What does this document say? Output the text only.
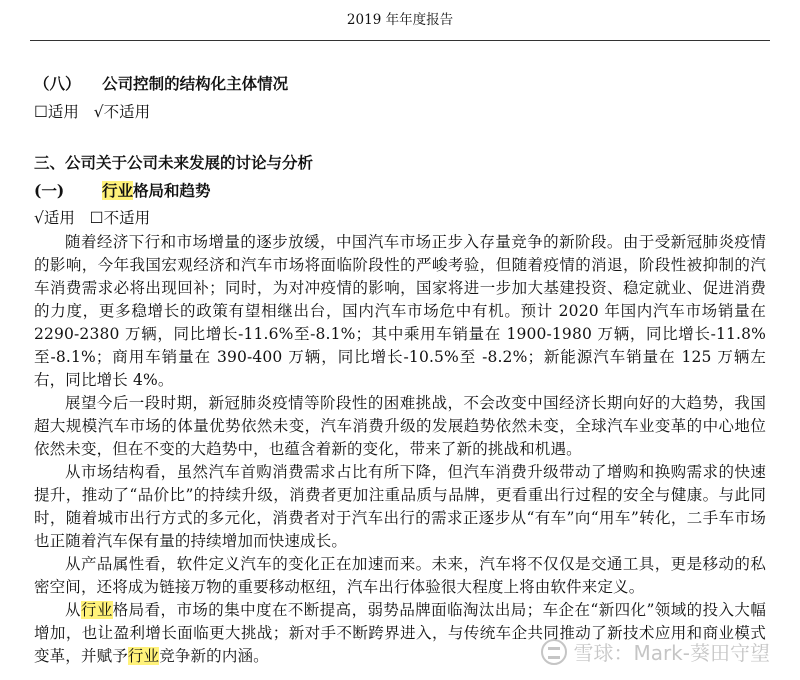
2019 年年度报告
（八） 公司控制的结构化主体情况
☐适用 √不适用
三、公司关于公司未来发展的讨论与分析
(一) 行业格局和趋势
√适用 ☐不适用
随着经济下行和市场增量的逐步放缓，中国汽车市场正步入存量竞争的新阶段。由于受新冠肺炎疫情的影响，今年我国宏观经济和汽车市场将面临阶段性的严峻考验，但随着疫情的消退，阶段性被抑制的汽车消费需求必将出现回补；同时，为对冲疫情的影响，国家将进一步加大基建投资、稳定就业、促进消费的力度，更多稳增长的政策有望相继出台，国内汽车市场危中有机。预计 2020 年国内汽车市场销量在 2290-2380 万辆，同比增长-11.6%至-8.1%；其中乘用车销量在 1900-1980 万辆，同比增长-11.8%至-8.1%；商用车销量在 390-400 万辆，同比增长-10.5%至 -8.2%；新能源汽车销量在 125 万辆左右，同比增长 4%。
展望今后一段时期，新冠肺炎疫情等阶段性的困难挑战，不会改变中国经济长期向好的大趋势，我国超大规模汽车市场的体量优势依然未变，汽车消费升级的发展趋势依然未变，全球汽车业变革的中心地位依然未变，但在不变的大趋势中，也蕴含着新的变化，带来了新的挑战和机遇。
从市场结构看，虽然汽车首购消费需求占比有所下降，但汽车消费升级带动了增购和换购需求的快速提升，推动了“品价比”的持续升级，消费者更加注重品质与品牌，更看重出行过程的安全与健康。与此同时，随着城市出行方式的多元化，消费者对于汽车出行的需求正逐步从“有车”向“用车”转化，二手车市场也正随着汽车保有量的持续增加而快速成长。
从产品属性看，软件定义汽车的变化正在加速而来。未来，汽车将不仅仅是交通工具，更是移动的私密空间，还将成为链接万物的重要移动枢纽，汽车出行体验很大程度上将由软件来定义。
从行业格局看，市场的集中度在不断提高，弱势品牌面临淘汰出局；车企在“新四化”领域的投入大幅增加，也让盈利增长面临更大挑战；新对手不断跨界进入，与传统车企共同推动了新技术应用和商业模式变革，并赋予行业竞争新的内涵。	雪球：Mark-葵田守望
